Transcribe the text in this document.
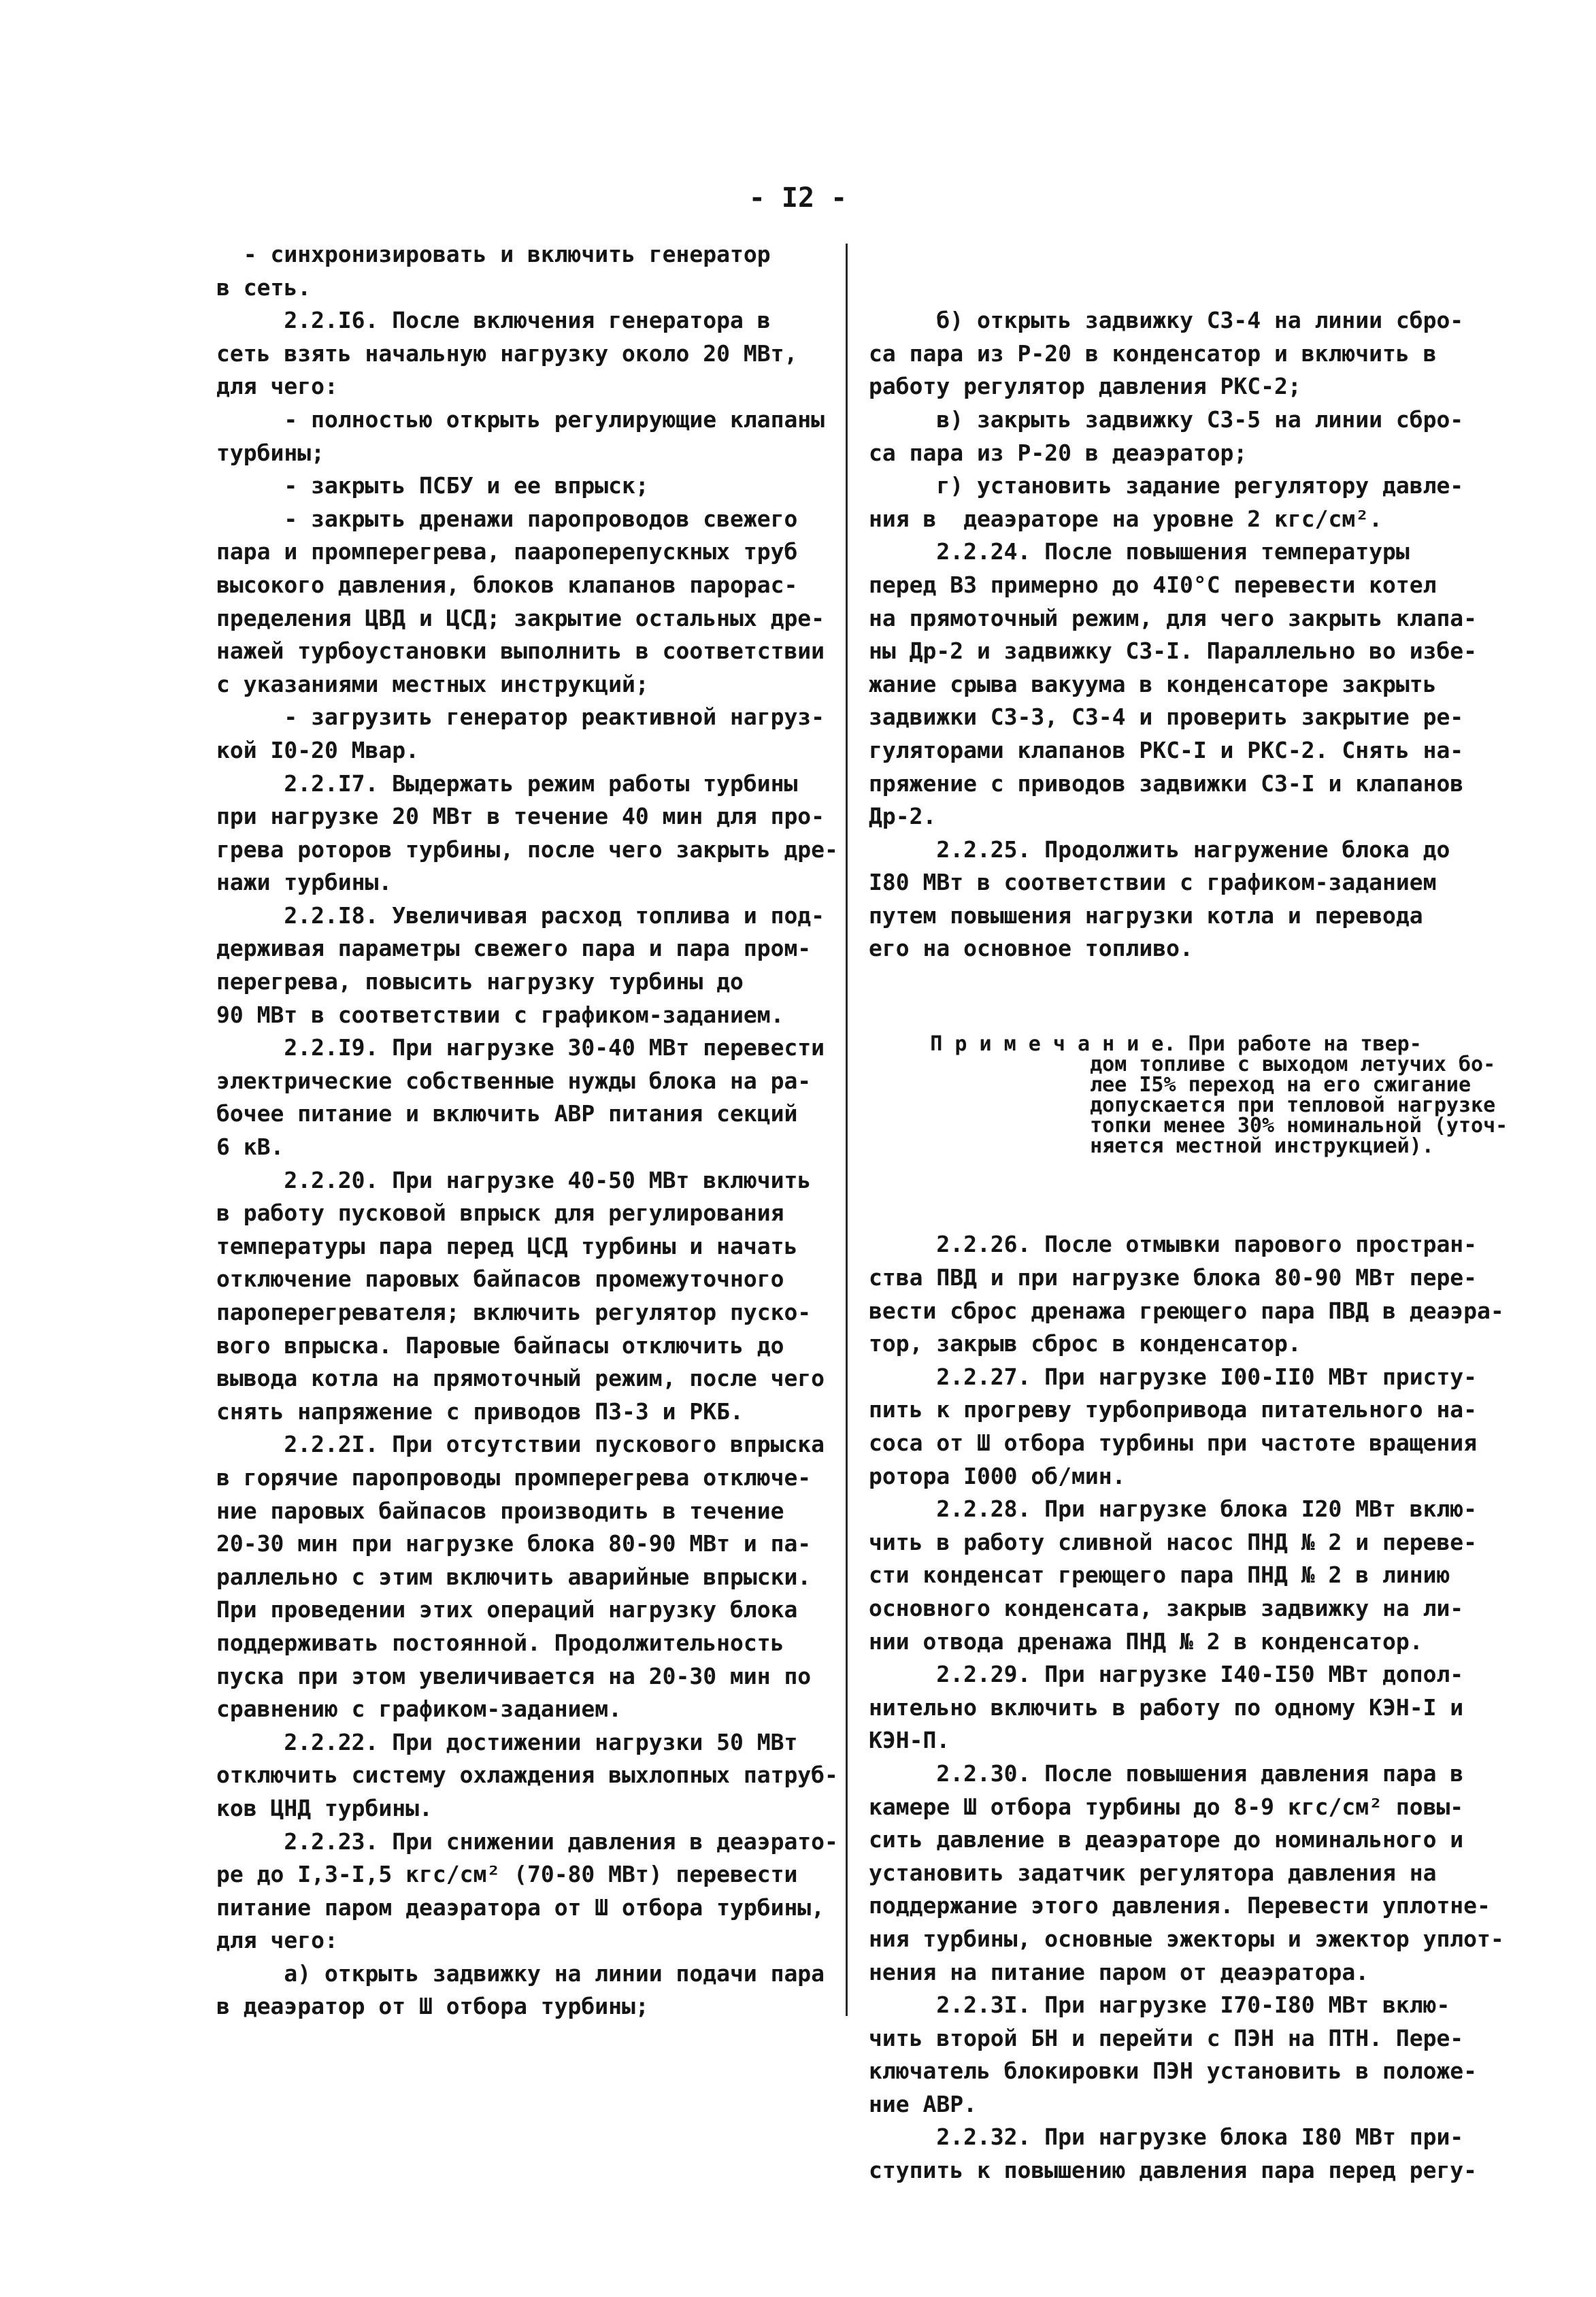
- I2 -
- синхронизировать и включить генератор
в сеть.
2.2.I6. После включения генератора в
сеть взять начальную нагрузку около 20 МВт,
для чего:
- полностью открыть регулирующие клапаны
турбины;
- закрыть ПСБУ и ее впрыск;
- закрыть дренажи паропроводов свежего
пара и промперегрева, паароперепускных труб
высокого давления, блоков клапанов парорас-
пределения ЦВД и ЦСД; закрытие остальных дре-
нажей турбоустановки выполнить в соответствии
с указаниями местных инструкций;
- загрузить генератор реактивной нагруз-
кой I0-20 Мвар.
2.2.I7. Выдержать режим работы турбины
при нагрузке 20 МВт в течение 40 мин для про-
грева роторов турбины, после чего закрыть дре-
нажи турбины.
2.2.I8. Увеличивая расход топлива и под-
держивая параметры свежего пара и пара пром-
перегрева, повысить нагрузку турбины до
90 МВт в соответствии с графиком-заданием.
2.2.I9. При нагрузке 30-40 МВт перевести
электрические собственные нужды блока на ра-
бочее питание и включить АВР питания секций
6 кВ.
2.2.20. При нагрузке 40-50 МВт включить
в работу пусковой впрыск для регулирования
температуры пара перед ЦСД турбины и начать
отключение паровых байпасов промежуточного
пароперегревателя; включить регулятор пуско-
вого впрыска. Паровые байпасы отключить до
вывода котла на прямоточный режим, после чего
снять напряжение с приводов ПЗ-3 и РКБ.
2.2.2I. При отсутствии пускового впрыска
в горячие паропроводы промперегрева отключе-
ние паровых байпасов производить в течение
20-30 мин при нагрузке блока 80-90 МВт и па-
раллельно с этим включить аварийные впрыски.
При проведении этих операций нагрузку блока
поддерживать постоянной. Продолжительность
пуска при этом увеличивается на 20-30 мин по
сравнению с графиком-заданием.
2.2.22. При достижении нагрузки 50 МВт
отключить систему охлаждения выхлопных патруб-
ков ЦНД турбины.
2.2.23. При снижении давления в деаэрато-
ре до I,3-I,5 кгс/см² (70-80 МВт) перевести
питание паром деаэратора от Ш отбора турбины,
для чего:
а) открыть задвижку на линии подачи пара
в деаэратор от Ш отбора турбины;

б) открыть задвижку СЗ-4 на линии сбро-
са пара из Р-20 в конденсатор и включить в
работу регулятор давления РКС-2;
в) закрыть задвижку СЗ-5 на линии сбро-
са пара из Р-20 в деаэратор;
г) установить задание регулятору давле-
ния в  деаэраторе на уровне 2 кгс/см².
2.2.24. После повышения температуры
перед ВЗ примерно до 4I0°С перевести котел
на прямоточный режим, для чего закрыть клапа-
ны Др-2 и задвижку СЗ-I. Параллельно во избе-
жание срыва вакуума в конденсаторе закрыть
задвижки СЗ-3, СЗ-4 и проверить закрытие ре-
гуляторами клапанов РКС-I и РКС-2. Снять на-
пряжение с приводов задвижки СЗ-I и клапанов
Др-2.
2.2.25. Продолжить нагружение блока до
I80 МВт в соответствии с графиком-заданием
путем повышения нагрузки котла и перевода
его на основное топливо.

П р и м е ч а н и е. При работе на твер-
дом топливе с выходом летучих бо-
лее I5% переход на его сжигание
допускается при тепловой нагрузке
топки менее 30% номинальной (уточ-
няется местной инструкцией).

2.2.26. После отмывки парового простран-
ства ПВД и при нагрузке блока 80-90 МВт пере-
вести сброс дренажа греющего пара ПВД в деаэра-
тор, закрыв сброс в конденсатор.
2.2.27. При нагрузке I00-II0 МВт присту-
пить к прогреву турбопривода питательного на-
соса от Ш отбора турбины при частоте вращения
ротора I000 об/мин.
2.2.28. При нагрузке блока I20 МВт вклю-
чить в работу сливной насос ПНД № 2 и переве-
сти конденсат греющего пара ПНД № 2 в линию
основного конденсата, закрыв задвижку на ли-
нии отвода дренажа ПНД № 2 в конденсатор.
2.2.29. При нагрузке I40-I50 МВт допол-
нительно включить в работу по одному КЭН-I и
КЭН-П.
2.2.30. После повышения давления пара в
камере Ш отбора турбины до 8-9 кгс/см² повы-
сить давление в деаэраторе до номинального и
установить задатчик регулятора давления на
поддержание этого давления. Перевести уплотне-
ния турбины, основные эжекторы и эжектор уплот-
нения на питание паром от деаэратора.
2.2.3I. При нагрузке I70-I80 МВт вклю-
чить второй БН и перейти с ПЭН на ПТН. Пере-
ключатель блокировки ПЭН установить в положе-
ние АВР.
2.2.32. При нагрузке блока I80 МВт при-
ступить к повышению давления пара перед регу-
